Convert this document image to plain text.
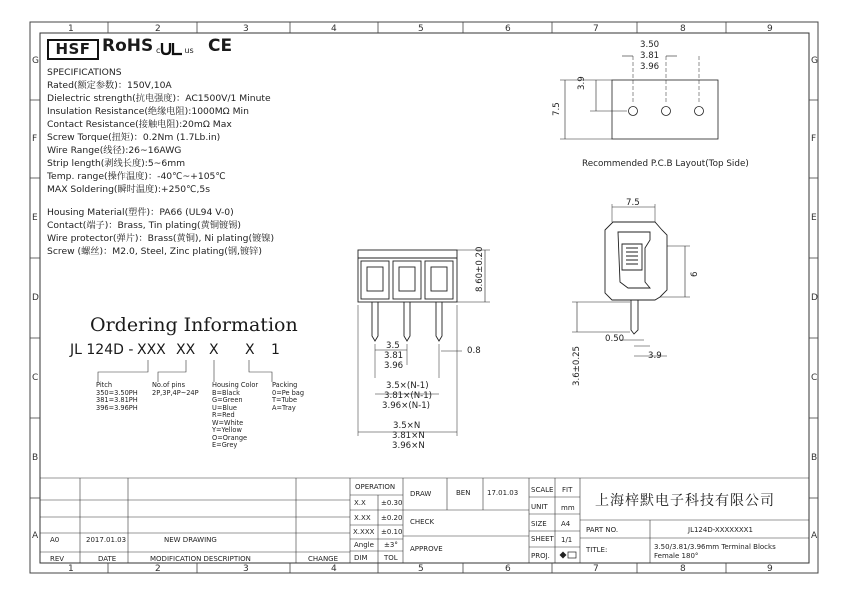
1	2	3	4	5	6	7	8	9
1	2	3	4	5	6	7	8	9
G
F
E
D
C
B
A
G
F
E
D
C
B
A
HSF RoHS c	us CE
SPECIFICATIONS
Rated(额定参数)：150V,10A
Dielectric strength(抗电强度)：AC1500V/1 Minute
Insulation Resistance(绝缘电阻):1000MΩ Min
Contact Resistance(接触电阻):20mΩ Max
Screw Torque(扭矩)：0.2Nm (1.7Lb.in)
Wire Range(线径):26~16AWG
Strip length(剥线长度):5~6mm
Temp. range(操作温度)：-40℃~+105℃
MAX Soldering(瞬时温度):+250℃,5s
Housing Material(塑件)：PA66 (UL94 V-0)
Contact(端子)：Brass, Tin plating(黄铜镀锡)
Wire protector(弹片)：Brass(黄铜), Ni plating(镀镍)
Screw (螺丝)：M2.0, Steel, Zinc plating(钢,镀锌)
Ordering Information
JL 124D - XXX XX X X 1
Pitch
350=3.50PH
381=3.81PH
396=3.96PH
No.of pins
2P,3P,4P~24P
Housing Color
B=Black
G=Green
U=Blue
R=Red
W=White
Y=Yellow
O=Orange
E=Grey
Packing
0=Pe bag
T=Tube
A=Tray
3.50
3.81
3.96
3.9
7.5
Recommended P.C.B Layout(Top Side)
8.60±0.20
3.5
3.81
3.96
0.8
3.5×(N-1)
3.81×(N-1)
3.96×(N-1)
3.5×N
3.81×N
3.96×N
7.5
6
3.6±0.25
0.50
3.9
上海梓默电子科技有限公司
OPERATION
X.X ±0.30
X.XX ±0.20
X.XXX ±0.10
Angle ±3°
DIM TOL
DRAW	BEN 17.01.03
CHECK
APPROVE
SCALE FIT
UNIT mm
SIZE A4
SHEET 1/1
PROJ.
PART NO.	JL124D-XXXXXXX1
TITLE:	3.50/3.81/3.96mm Terminal Blocks
Female 180°
A0	2017.01.03	NEW DRAWING
REV	DATE	MODIFICATION DESCRIPTION	CHANGE
